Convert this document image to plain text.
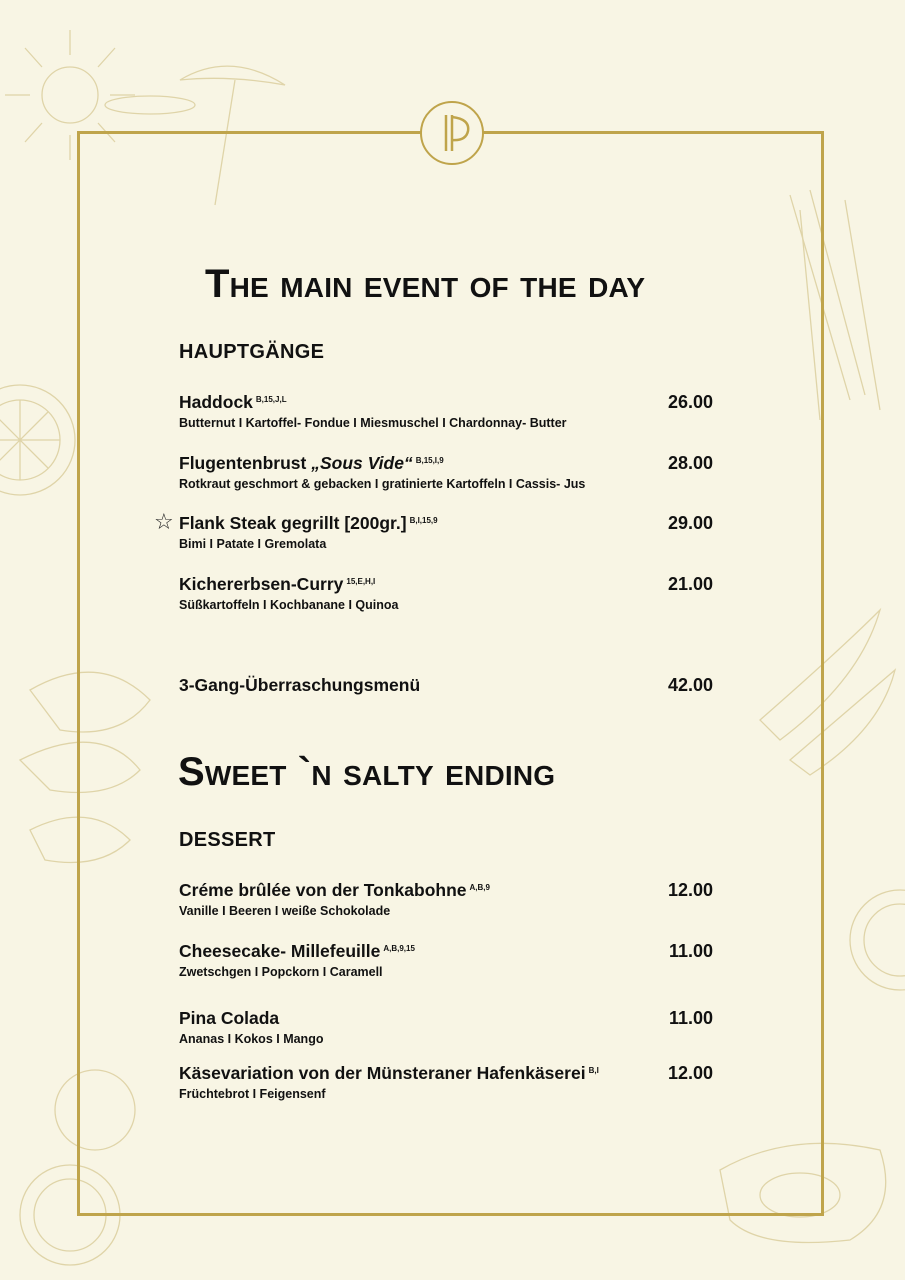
The main event of the day
HAUPTGÄNGE
Haddock $^{B,15,J,L}$	26.00
Butternut I Kartoffel- Fondue I Miesmuschel I Chardonnay- Butter
Flugentenbrust „Sous Vide“ $^{B,15,I,9}$	28.00
Rotkraut geschmort & gebacken I gratinierte Kartoffeln I Cassis- Jus
☆ Flank Steak gegrillt [200gr.] $^{B,I,15,9}$	29.00
Bimi I Patate I Gremolata
Kichererbsen-Curry $^{15,E,H,I}$	21.00
Süßkartoffeln I Kochbanane I Quinoa
3-Gang-Überraschungsmenü	42.00
Sweet `n salty ending
DESSERT
Créme brûlée von der Tonkabohne $^{A,B,9}$	12.00
Vanille I Beeren I weiße Schokolade
Cheesecake- Millefeuille $^{A,B,9,15}$	11.00
Zwetschgen I Popckorn I Caramell
Pina Colada	11.00
Ananas I Kokos I Mango
Käsevariation von der Münsteraner Hafenkäserei $^{B,I}$	12.00
Früchtebrot I Feigensenf
